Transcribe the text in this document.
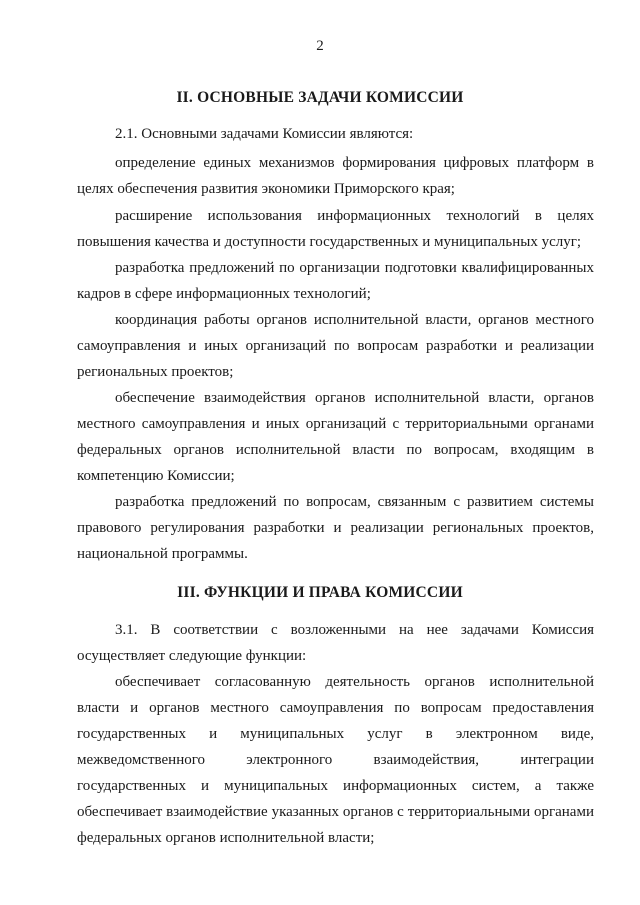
2
II. ОСНОВНЫЕ ЗАДАЧИ КОМИССИИ

2.1. Основными задачами Комиссии являются:

определение единых механизмов формирования цифровых платформ в целях обеспечения развития экономики Приморского края;

расширение использования информационных технологий в целях повышения качества и доступности государственных и муниципальных услуг;

разработка предложений по организации подготовки квалифицированных кадров в сфере информационных технологий;

координация работы органов исполнительной власти, органов местного самоуправления и иных организаций по вопросам разработки и реализации региональных проектов;

обеспечение взаимодействия органов исполнительной власти, органов местного самоуправления и иных организаций с территориальными органами федеральных органов исполнительной власти по вопросам, входящим в компетенцию Комиссии;

разработка предложений по вопросам, связанным с развитием системы правового регулирования разработки и реализации региональных проектов, национальной программы.

III. ФУНКЦИИ И ПРАВА КОМИССИИ

3.1. В соответствии с возложенными на нее задачами Комиссия осуществляет следующие функции:

обеспечивает согласованную деятельность органов исполнительной власти и органов местного самоуправления по вопросам предоставления государственных и муниципальных услуг в электронном виде, межведомственного электронного взаимодействия, интеграции государственных и муниципальных информационных систем, а также обеспечивает взаимодействие указанных органов с территориальными органами федеральных органов исполнительной власти;
